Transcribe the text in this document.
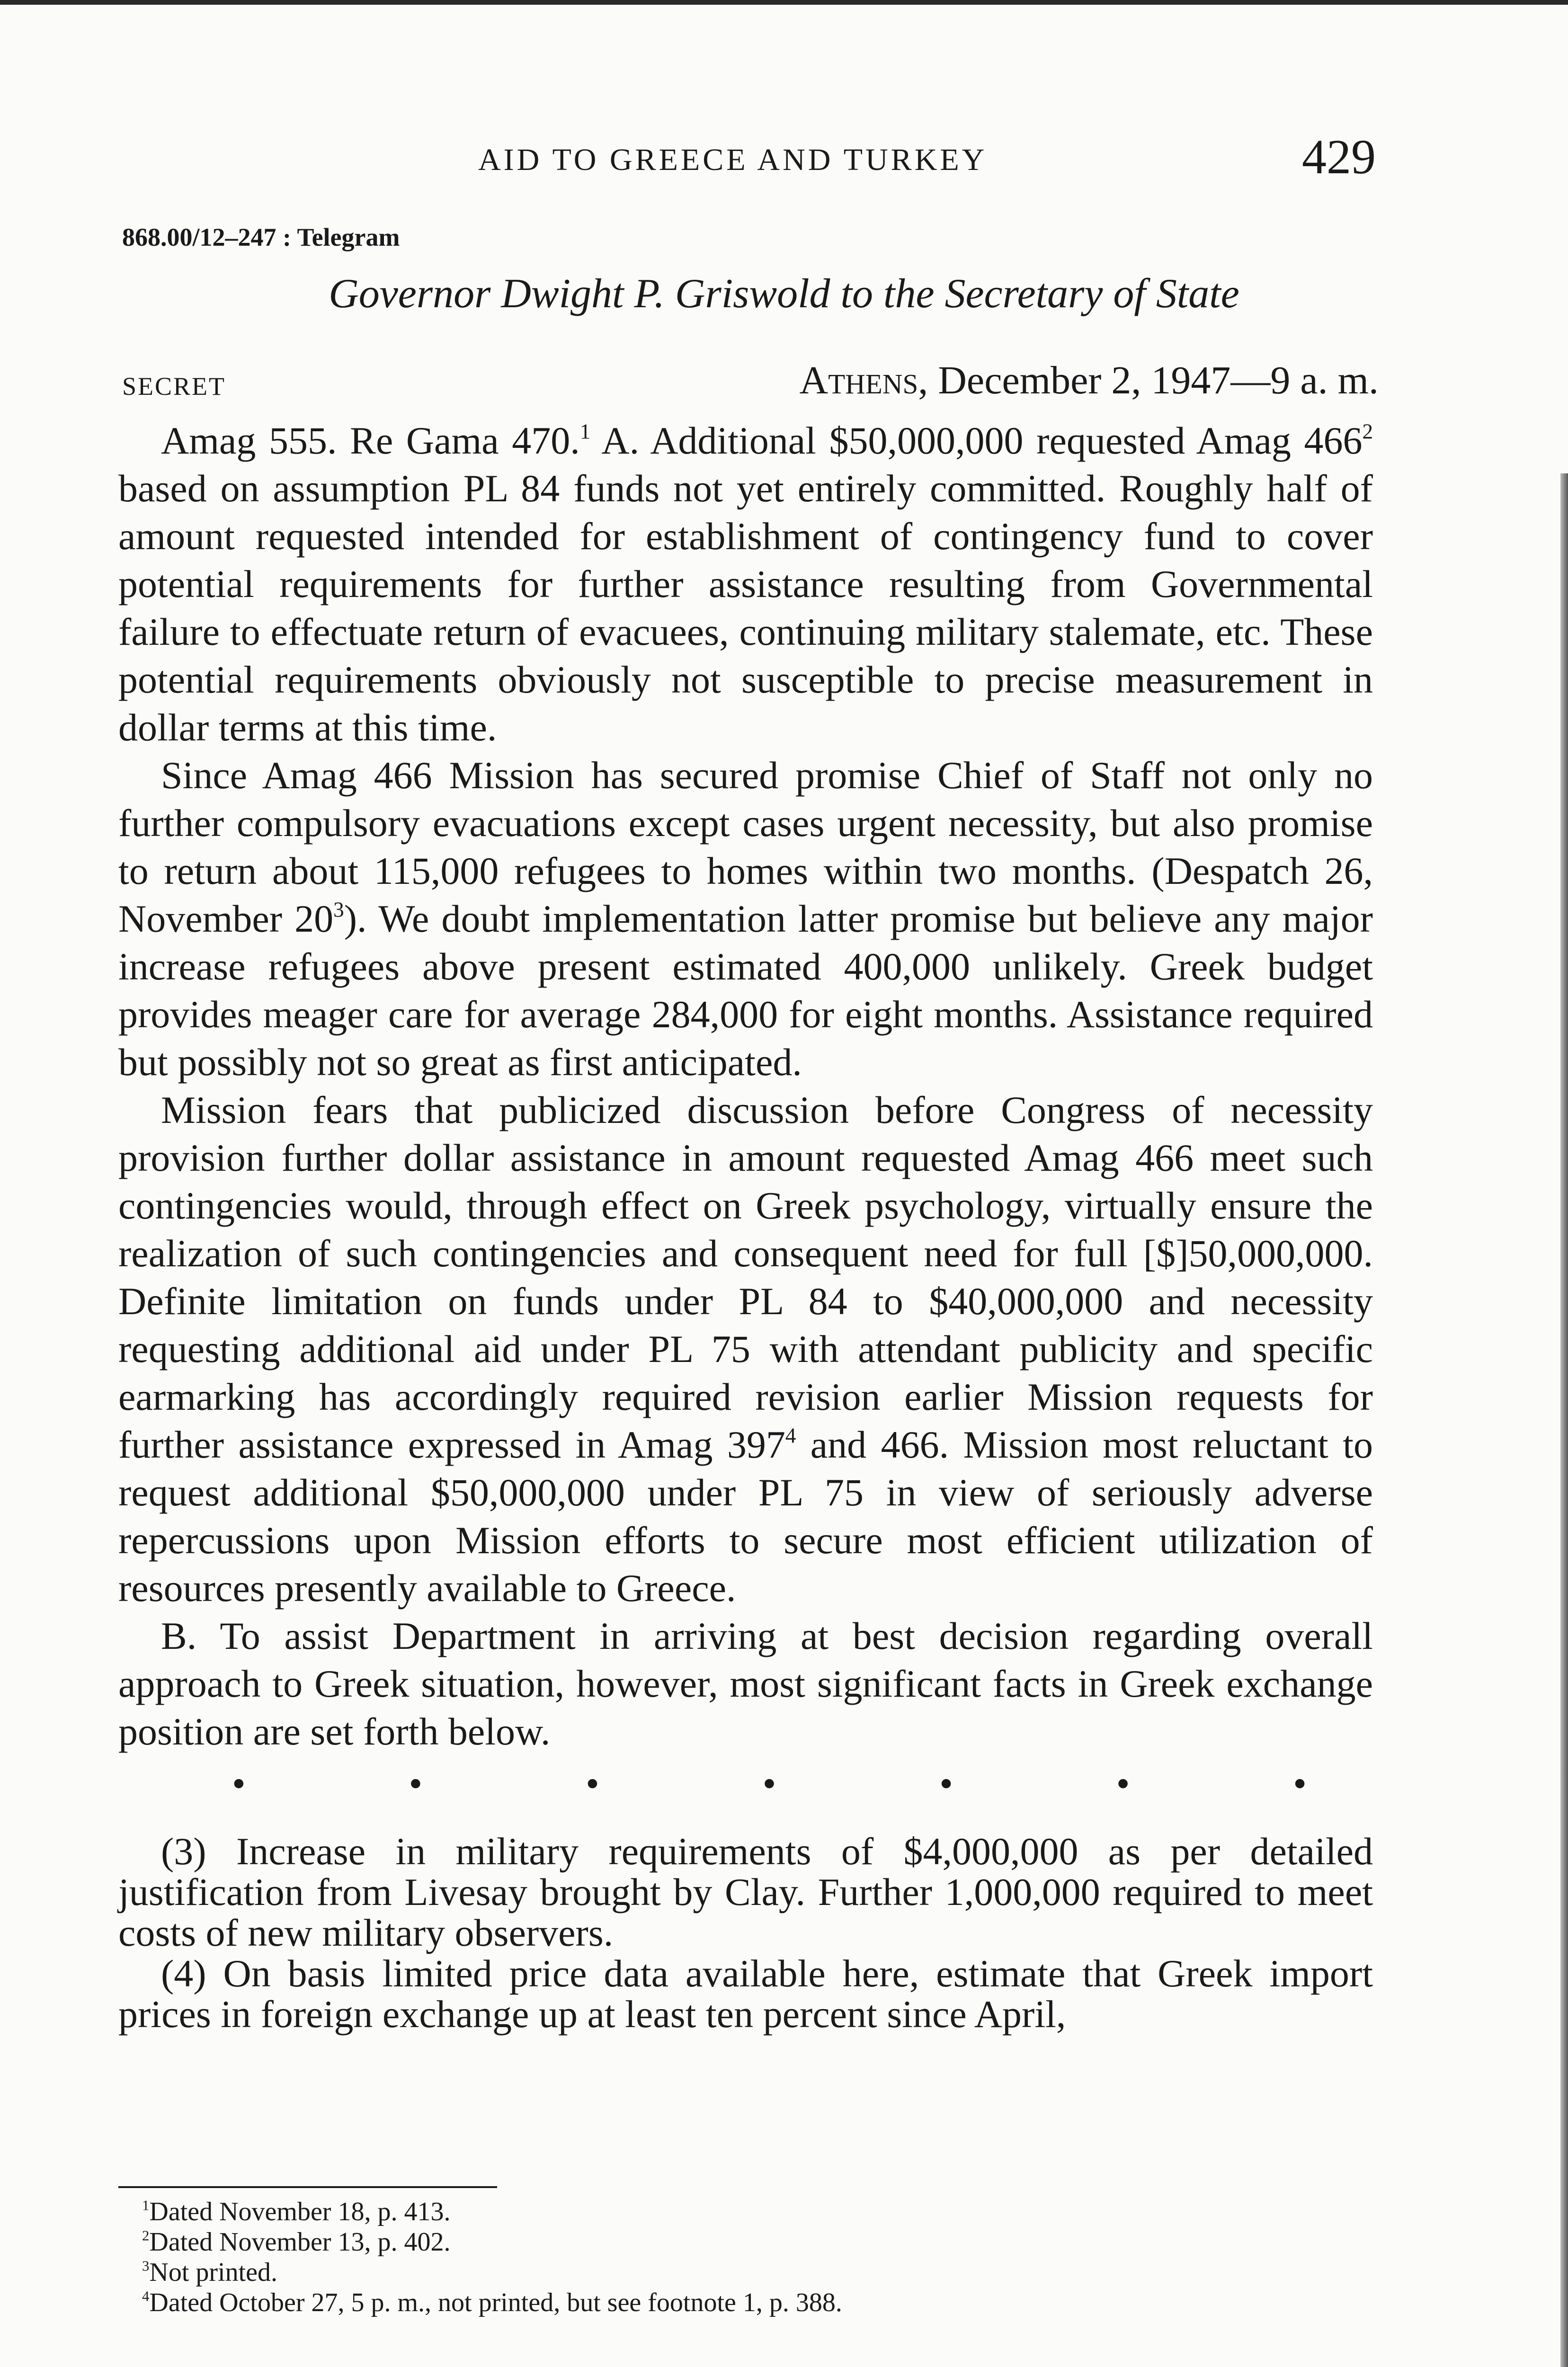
AID TO GREECE AND TURKEY	429
868.00/12–247 : Telegram
Governor Dwight P. Griswold to the Secretary of State
SECRET	Athens, December 2, 1947—9 a. m.

Amag 555. Re Gama 470.$^1$ A. Additional $50,000,000 requested Amag $466^2$ based on assumption PL 84 funds not yet entirely committed. Roughly half of amount requested intended for establishment of contingency fund to cover potential requirements for further assistance resulting from Governmental failure to effectuate return of evacuees, continuing military stalemate, etc. These potential requirements obviously not susceptible to precise measurement in dollar terms at this time.

Since Amag 466 Mission has secured promise Chief of Staff not only no further compulsory evacuations except cases urgent necessity, but also promise to return about 115,000 refugees to homes within two months. (Despatch 26, November $20^3$). We doubt implementation latter promise but believe any major increase refugees above present estimated 400,000 unlikely. Greek budget provides meager care for average 284,000 for eight months. Assistance required but possibly not so great as first anticipated.

Mission fears that publicized discussion before Congress of necessity provision further dollar assistance in amount requested Amag 466 meet such contingencies would, through effect on Greek psychology, virtually ensure the realization of such contingencies and consequent need for full [$]50,000,000. Definite limitation on funds under PL 84 to $40,000,000 and necessity requesting additional aid under PL 75 with attendant publicity and specific earmarking has accordingly required revision earlier Mission requests for further assistance expressed in Amag $397^4$ and 466. Mission most reluctant to request additional $50,000,000 under PL 75 in view of seriously adverse repercussions upon Mission efforts to secure most efficient utilization of resources presently available to Greece.

B. To assist Department in arriving at best decision regarding overall approach to Greek situation, however, most significant facts in Greek exchange position are set forth below.

•	•	•	•	•	•	•

(3) Increase in military requirements of $4,000,000 as per detailed justification from Livesay brought by Clay. Further 1,000,000 required to meet costs of new military observers.

(4) On basis limited price data available here, estimate that Greek import prices in foreign exchange up at least ten percent since April,

$^1$Dated November 18, p. 413.

$^2$Dated November 13, p. 402.

$^3$Not printed.

$^4$Dated October 27, 5 p. m., not printed, but see footnote 1, p. 388.
